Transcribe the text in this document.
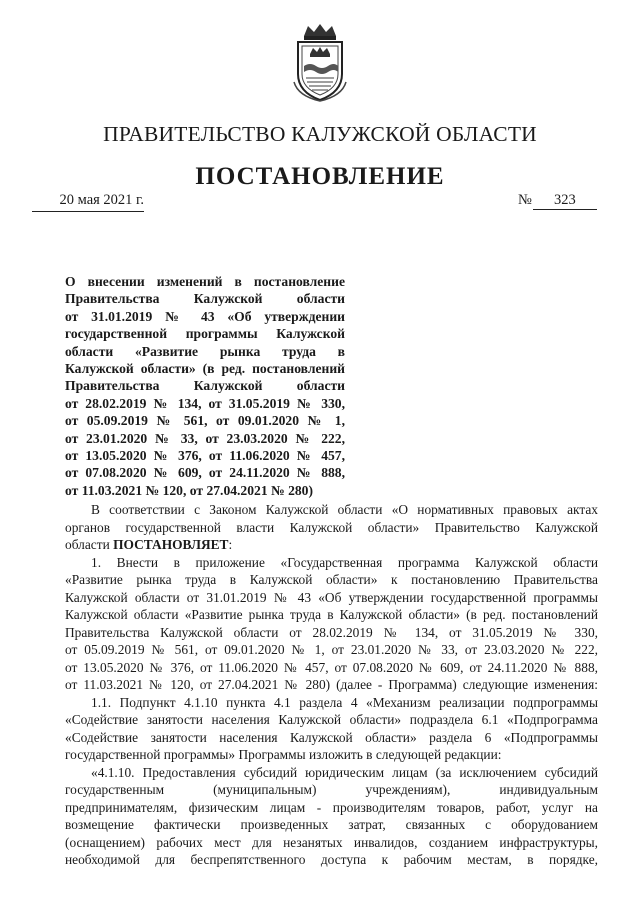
ПРАВИТЕЛЬСТВО КАЛУЖСКОЙ ОБЛАСТИ
ПОСТАНОВЛЕНИЕ
20 мая 2021 г.	№ 323
О внесении изменений в постановление
Правительства Калужской области
от 31.01.2019 № 43 «Об утверждении
государственной программы Калужской
области «Развитие рынка труда в
Калужской области» (в ред. постановлений
Правительства Калужской области
от 28.02.2019 № 134, от 31.05.2019 № 330,
от 05.09.2019 № 561, от 09.01.2020 № 1,
от 23.01.2020 № 33, от 23.03.2020 № 222,
от 13.05.2020 № 376, от 11.06.2020 № 457,
от 07.08.2020 № 609, от 24.11.2020 № 888,
от 11.03.2021 № 120, от 27.04.2021 № 280)
В соответствии с Законом Калужской области «О нормативных правовых актах
органов государственной власти Калужской области» Правительство Калужской
области ПОСТАНОВЛЯЕТ:
1. Внести в приложение «Государственная программа Калужской области
«Развитие рынка труда в Калужской области» к постановлению Правительства
Калужской области от 31.01.2019 № 43 «Об утверждении государственной программы
Калужской области «Развитие рынка труда в Калужской области» (в ред. постановлений
Правительства Калужской области от 28.02.2019 № 134, от 31.05.2019 № 330,
от 05.09.2019 № 561, от 09.01.2020 № 1, от 23.01.2020 № 33, от 23.03.2020 № 222,
от 13.05.2020 № 376, от 11.06.2020 № 457, от 07.08.2020 № 609, от 24.11.2020 № 888,
от 11.03.2021 № 120, от 27.04.2021 № 280) (далее - Программа) следующие изменения:
1.1. Подпункт 4.1.10 пункта 4.1 раздела 4 «Механизм реализации подпрограммы
«Содействие занятости населения Калужской области» подраздела 6.1 «Подпрограмма
«Содействие занятости населения Калужской области» раздела 6 «Подпрограммы
государственной программы» Программы изложить в следующей редакции:
«4.1.10. Предоставления субсидий юридическим лицам (за исключением субсидий
государственным (муниципальным) учреждениям), индивидуальным
предпринимателям, физическим лицам - производителям товаров, работ, услуг на
возмещение фактически произведенных затрат, связанных с оборудованием
(оснащением) рабочих мест для незанятых инвалидов, созданием инфраструктуры,
необходимой для беспрепятственного доступа к рабочим местам, в порядке,
